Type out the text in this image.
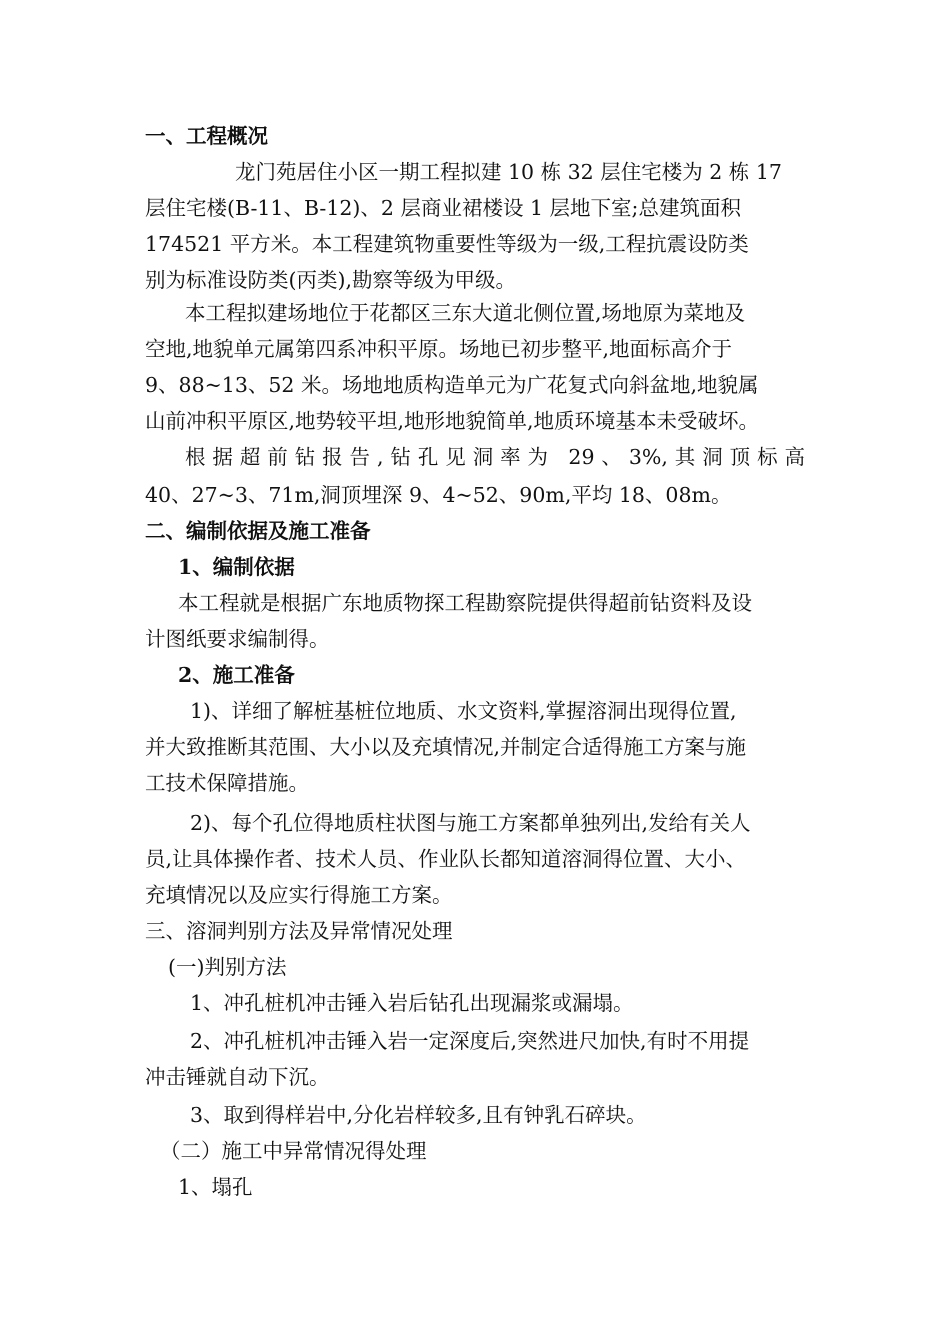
一、工程概况
龙门苑居住小区一期工程拟建 10 栋 32 层住宅楼为 2 栋 17
层住宅楼(B-11、B-12)、2 层商业裙楼设 1 层地下室;总建筑面积
174521 平方米。本工程建筑物重要性等级为一级,工程抗震设防类
别为标准设防类(丙类),勘察等级为甲级。
本工程拟建场地位于花都区三东大道北侧位置,场地原为菜地及
空地,地貌单元属第四系冲积平原。场地已初步整平,地面标高介于
9、88~13、52 米。场地地质构造单元为广花复式向斜盆地,地貌属
山前冲积平原区,地势较平坦,地形地貌简单,地质环境基本未受破坏。
根据超前钻报告,钻孔见洞率为 29、3%,其洞顶标高
40、27~3、71m,洞顶埋深 9、4~52、90m,平均 18、08m。
二、编制依据及施工准备
1、编制依据
本工程就是根据广东地质物探工程勘察院提供得超前钻资料及设
计图纸要求编制得。
2、施工准备
1)、详细了解桩基桩位地质、水文资料,掌握溶洞出现得位置,
并大致推断其范围、大小以及充填情况,并制定合适得施工方案与施
工技术保障措施。
2)、每个孔位得地质柱状图与施工方案都单独列出,发给有关人
员,让具体操作者、技术人员、作业队长都知道溶洞得位置、大小、
充填情况以及应实行得施工方案。
三、溶洞判别方法及异常情况处理
(一)判别方法
1、冲孔桩机冲击锤入岩后钻孔出现漏浆或漏塌。
2、冲孔桩机冲击锤入岩一定深度后,突然进尺加快,有时不用提
冲击锤就自动下沉。
3、取到得样岩中,分化岩样较多,且有钟乳石碎块。
（二）施工中异常情况得处理
1、塌孔
